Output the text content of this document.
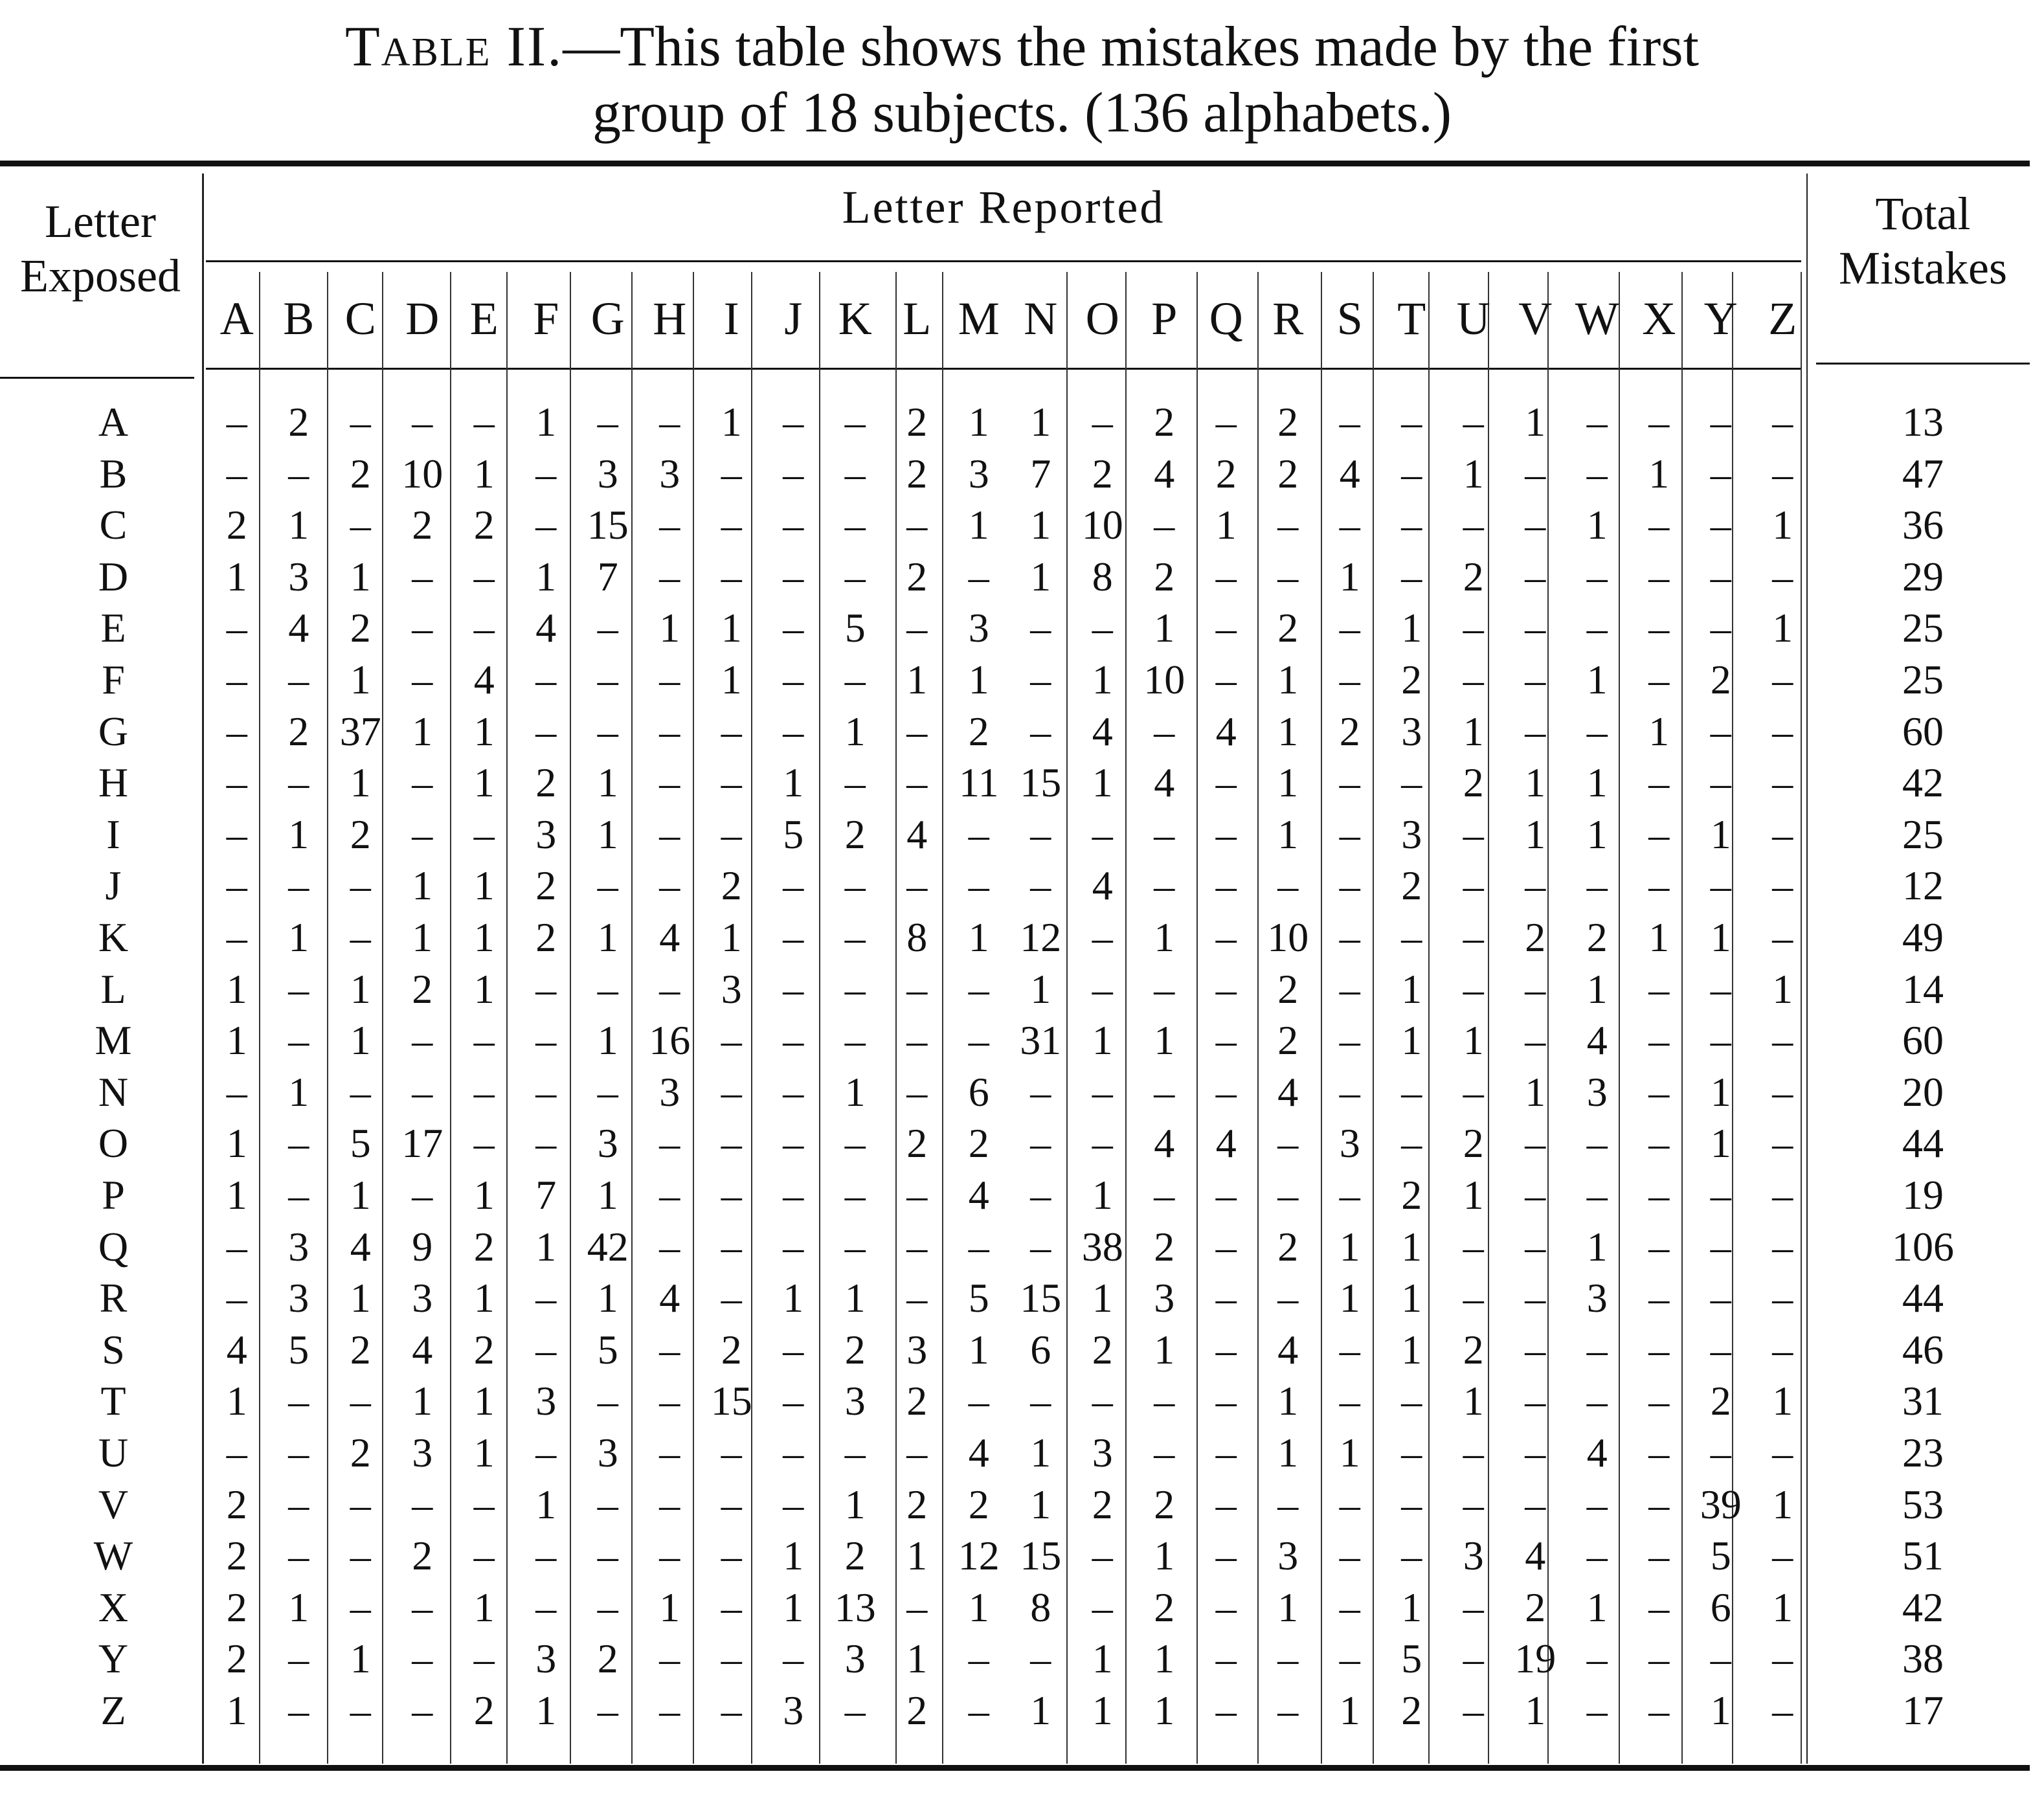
Table II.—This table shows the mistakes made by the first
group of 18 subjects. (136 alphabets.)
Letter
Exposed
Letter Reported	Total
Mistakes
A B C D E F G H I J K L M N O P Q R S T U V W X Y Z
A	– 2 – – – 1 – – 1 – – 2 1 1 – 2 – 2 – – – 1 – – – –	13
B	– – 2 10 1 – 3 3 – – – 2 3 7 2 4 2 2 4 – 1 – – 1 – –	47
C	2 1 – 2 2 – 15 – – – – – 1 1 10 – 1 – – – – – 1 – – 1	36
D	1 3 1 – – 1 7 – – – – 2 – 1 8 2 – – 1 – 2 – – – – –	29
E	– 4 2 – – 4 – 1 1 – 5 – 3 – – 1 – 2 – 1 – – – – – 1	25
F	– – 1 – 4 – – – 1 – – 1 1 – 1 10 – 1 – 2 – – 1 – 2 –	25
G	– 2 37 1 1 – – – – – 1 – 2 – 4 – 4 1 2 3 1 – – 1 – –	60
H	– – 1 – 1 2 1 – – 1 – – 11 15 1 4 – 1 – – 2 1 1 – – –	42
I	– 1 2 – – 3 1 – – 5 2 4 – – – – – 1 – 3 – 1 1 – 1 –	25
J	– – – 1 1 2 – – 2 – – – – – 4 – – – – 2 – – – – – –	12
K	– 1 – 1 1 2 1 4 1 – – 8 1 12 – 1 – 10 – – – 2 2 1 1 –	49
L	1 – 1 2 1 – – – 3 – – – – 1 – – – 2 – 1 – – 1 – – 1	14
M	1 – 1 – – – 1 16 – – – – – 31 1 1 – 2 – 1 1 – 4 – – –	60
N	– 1 – – – – – 3 – – 1 – 6 – – – – 4 – – – 1 3 – 1 –	20
O	1 – 5 17 – – 3 – – – – 2 2 – – 4 4 – 3 – 2 – – – 1 –	44
P	1 – 1 – 1 7 1 – – – – – 4 – 1 – – – – 2 1 – – – – –	19
Q	– 3 4 9 2 1 42 – – – – – – – 38 2 – 2 1 1 – – 1 – – –	106
R	– 3 1 3 1 – 1 4 – 1 1 – 5 15 1 3 – – 1 1 – – 3 – – –	44
S	4 5 2 4 2 – 5 – 2 – 2 3 1 6 2 1 – 4 – 1 2 – – – – –	46
T	1 – – 1 1 3 – – 15 – 3 2 – – – – – 1 – – 1 – – – 2 1	31
U	– – 2 3 1 – 3 – – – – – 4 1 3 – – 1 1 – – – 4 – – –	23
V	2 – – – – 1 – – – – 1 2 2 1 2 2 – – – – – – – – 39 1	53
W	2 – – 2 – – – – – 1 2 1 12 15 – 1 – 3 – – 3 4 – – 5 –	51
X	2 1 – – 1 – – 1 – 1 13 – 1 8 – 2 – 1 – 1 – 2 1 – 6 1	42
Y	2 – 1 – – 3 2 – – – 3 1 – – 1 1 – – – 5 – 19 – – – –	38
Z	1 – – – 2 1 – – – 3 – 2 – 1 1 1 – – 1 2 – 1 – – 1 –	17
